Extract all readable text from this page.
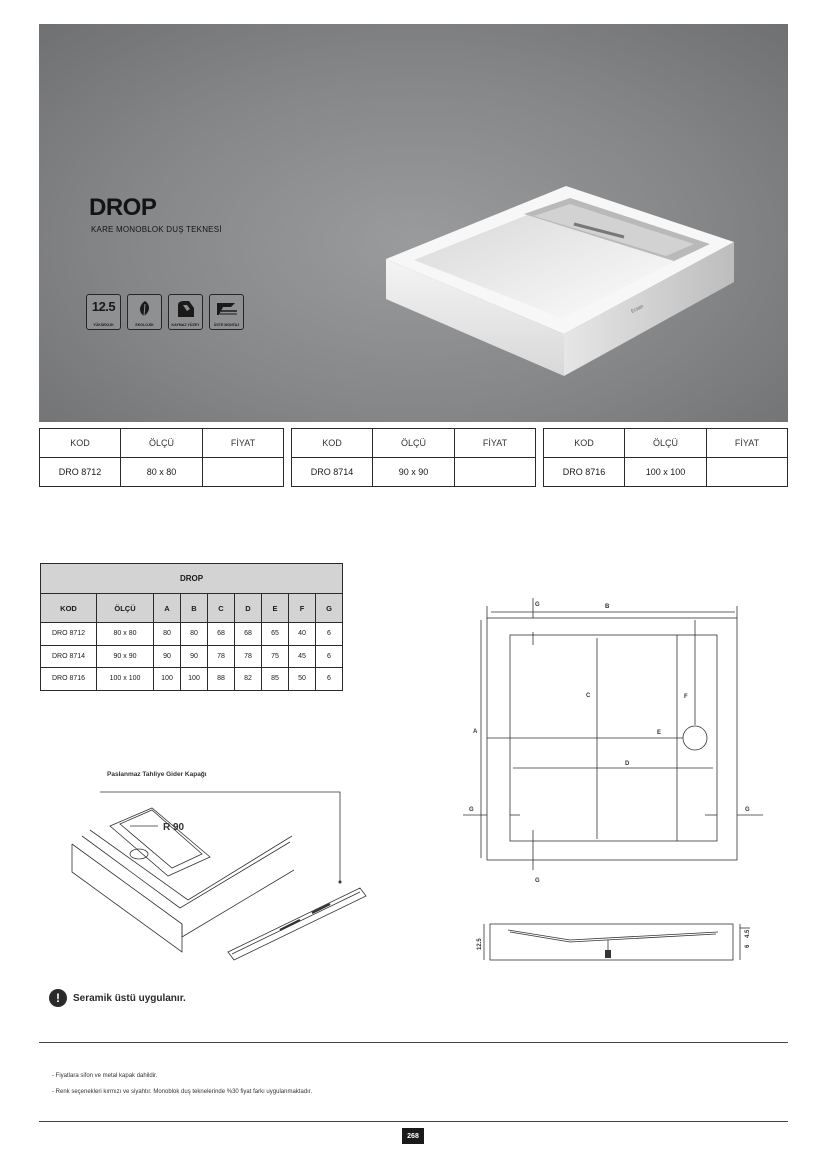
DROP
KARE MONOBLOK DUŞ TEKNESİ
12.5
YÜKSEKLİK	EKOLOJİK	KAYMAZ YÜZEY	ÜSTE MONTAJ
Ersan
KOD	ÖLÇÜ	FİYAT
DRO 8712	80 x 80	
KOD	ÖLÇÜ	FİYAT
DRO 8714	90 x 90	
KOD	ÖLÇÜ	FİYAT
DRO 8716	100 x 100	
DROP								
KOD	ÖLÇÜ	A	B	C	D	E	F	G
DRO 8712	80 x 80	80	80	68	68	65	40	6
DRO 8714	90 x 90	90	90	78	78	75	45	6
DRO 8716	100 x 100	100	100	88	82	85	50	6
Paslanmaz Tahliye Gider Kapağı
R 90
B
A
C
D
E
F
G
G	G
G
12.5
4.5
6
!	Seramik üstü uygulanır.
- Fiyatlara sifon ve metal kapak dahildir.
- Renk seçenekleri kırmızı ve siyahtır. Monoblok duş teknelerinde %30 fiyat farkı uygulanmaktadır.
268
